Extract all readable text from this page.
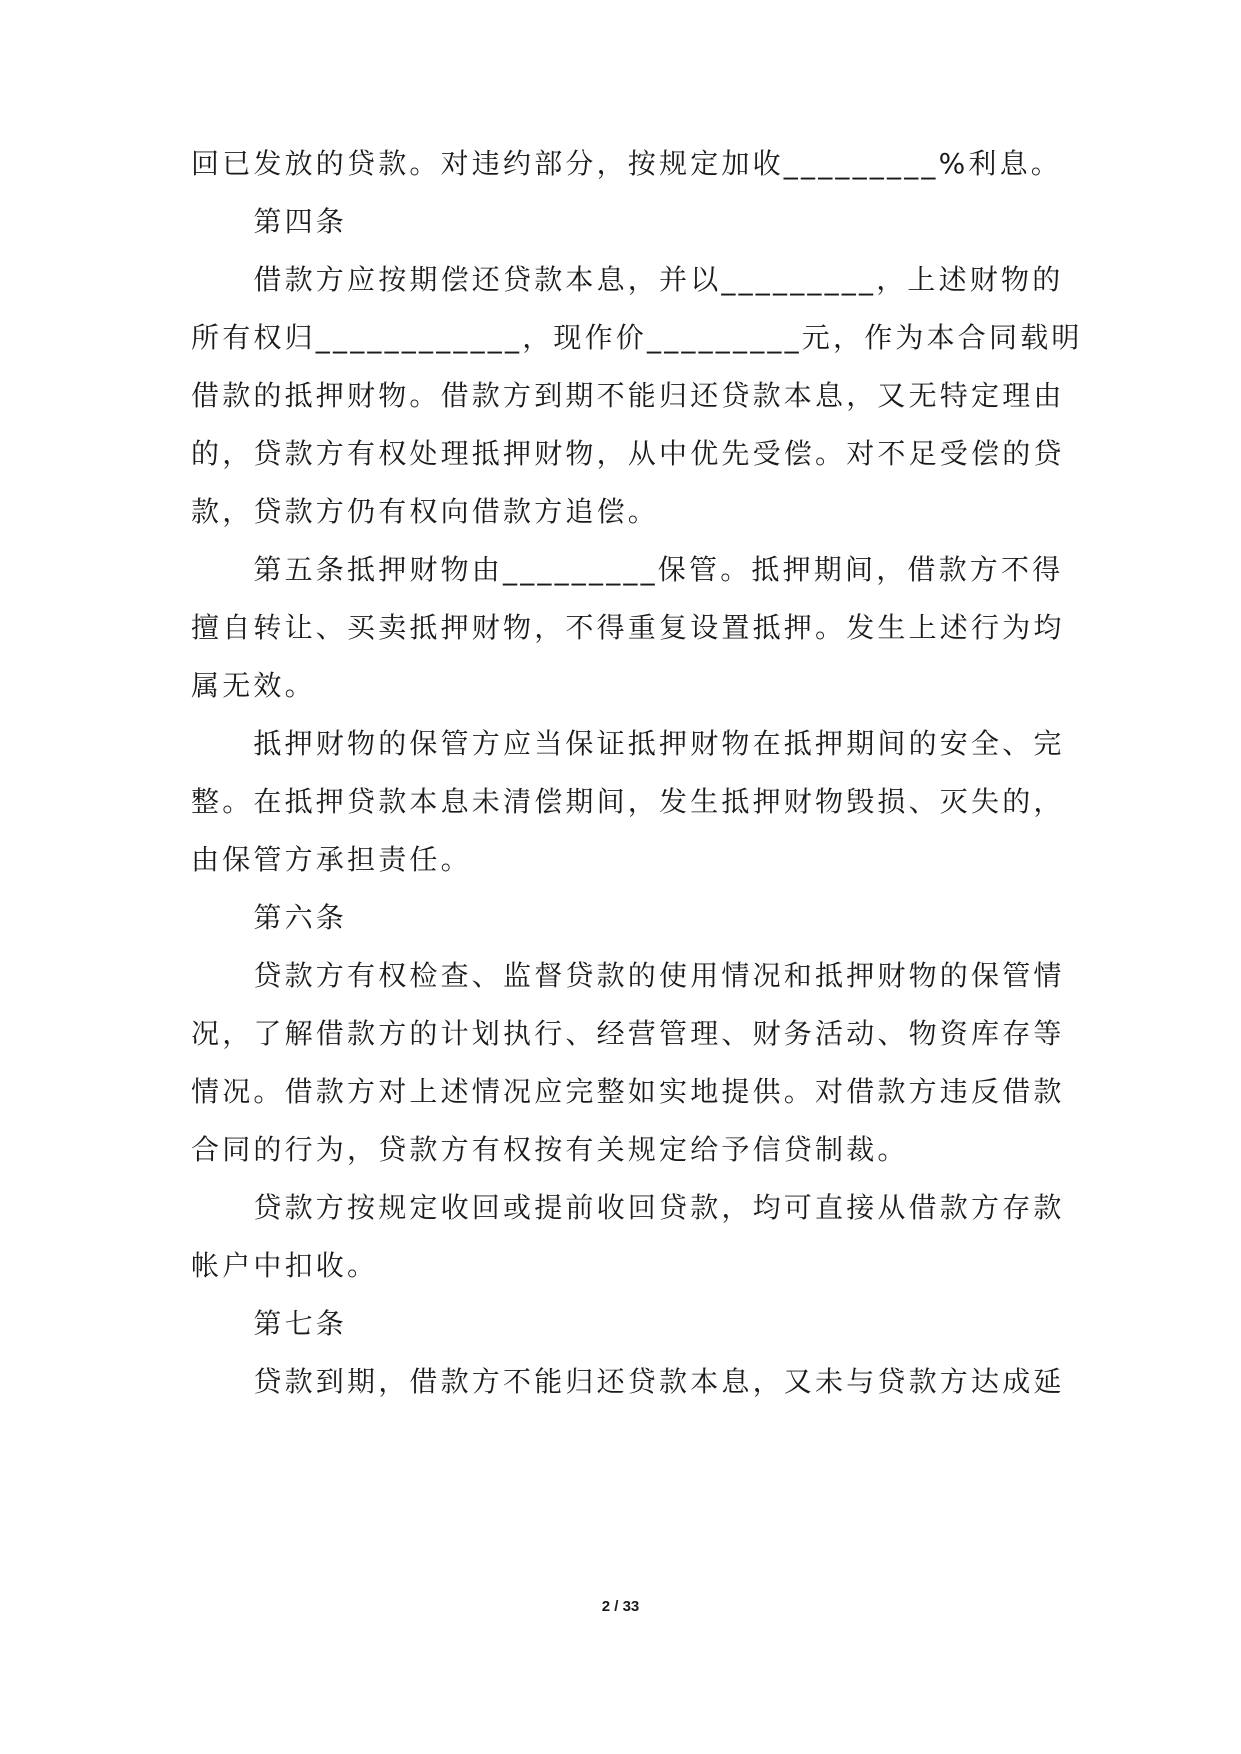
回已发放的贷款。对违约部分，按规定加收_________%利息。
　　第四条
　　借款方应按期偿还贷款本息，并以_________，上述财物的
所有权归____________，现作价_________元，作为本合同载明
借款的抵押财物。借款方到期不能归还贷款本息，又无特定理由
的，贷款方有权处理抵押财物，从中优先受偿。对不足受偿的贷
款，贷款方仍有权向借款方追偿。
　　第五条抵押财物由_________保管。抵押期间，借款方不得
擅自转让、买卖抵押财物，不得重复设置抵押。发生上述行为均
属无效。
　　抵押财物的保管方应当保证抵押财物在抵押期间的安全、完
整。在抵押贷款本息未清偿期间，发生抵押财物毁损、灭失的，
由保管方承担责任。
　　第六条
　　贷款方有权检查、监督贷款的使用情况和抵押财物的保管情
况，了解借款方的计划执行、经营管理、财务活动、物资库存等
情况。借款方对上述情况应完整如实地提供。对借款方违反借款
合同的行为，贷款方有权按有关规定给予信贷制裁。
　　贷款方按规定收回或提前收回贷款，均可直接从借款方存款
帐户中扣收。
　　第七条
　　贷款到期，借款方不能归还贷款本息，又未与贷款方达成延
2 / 33
